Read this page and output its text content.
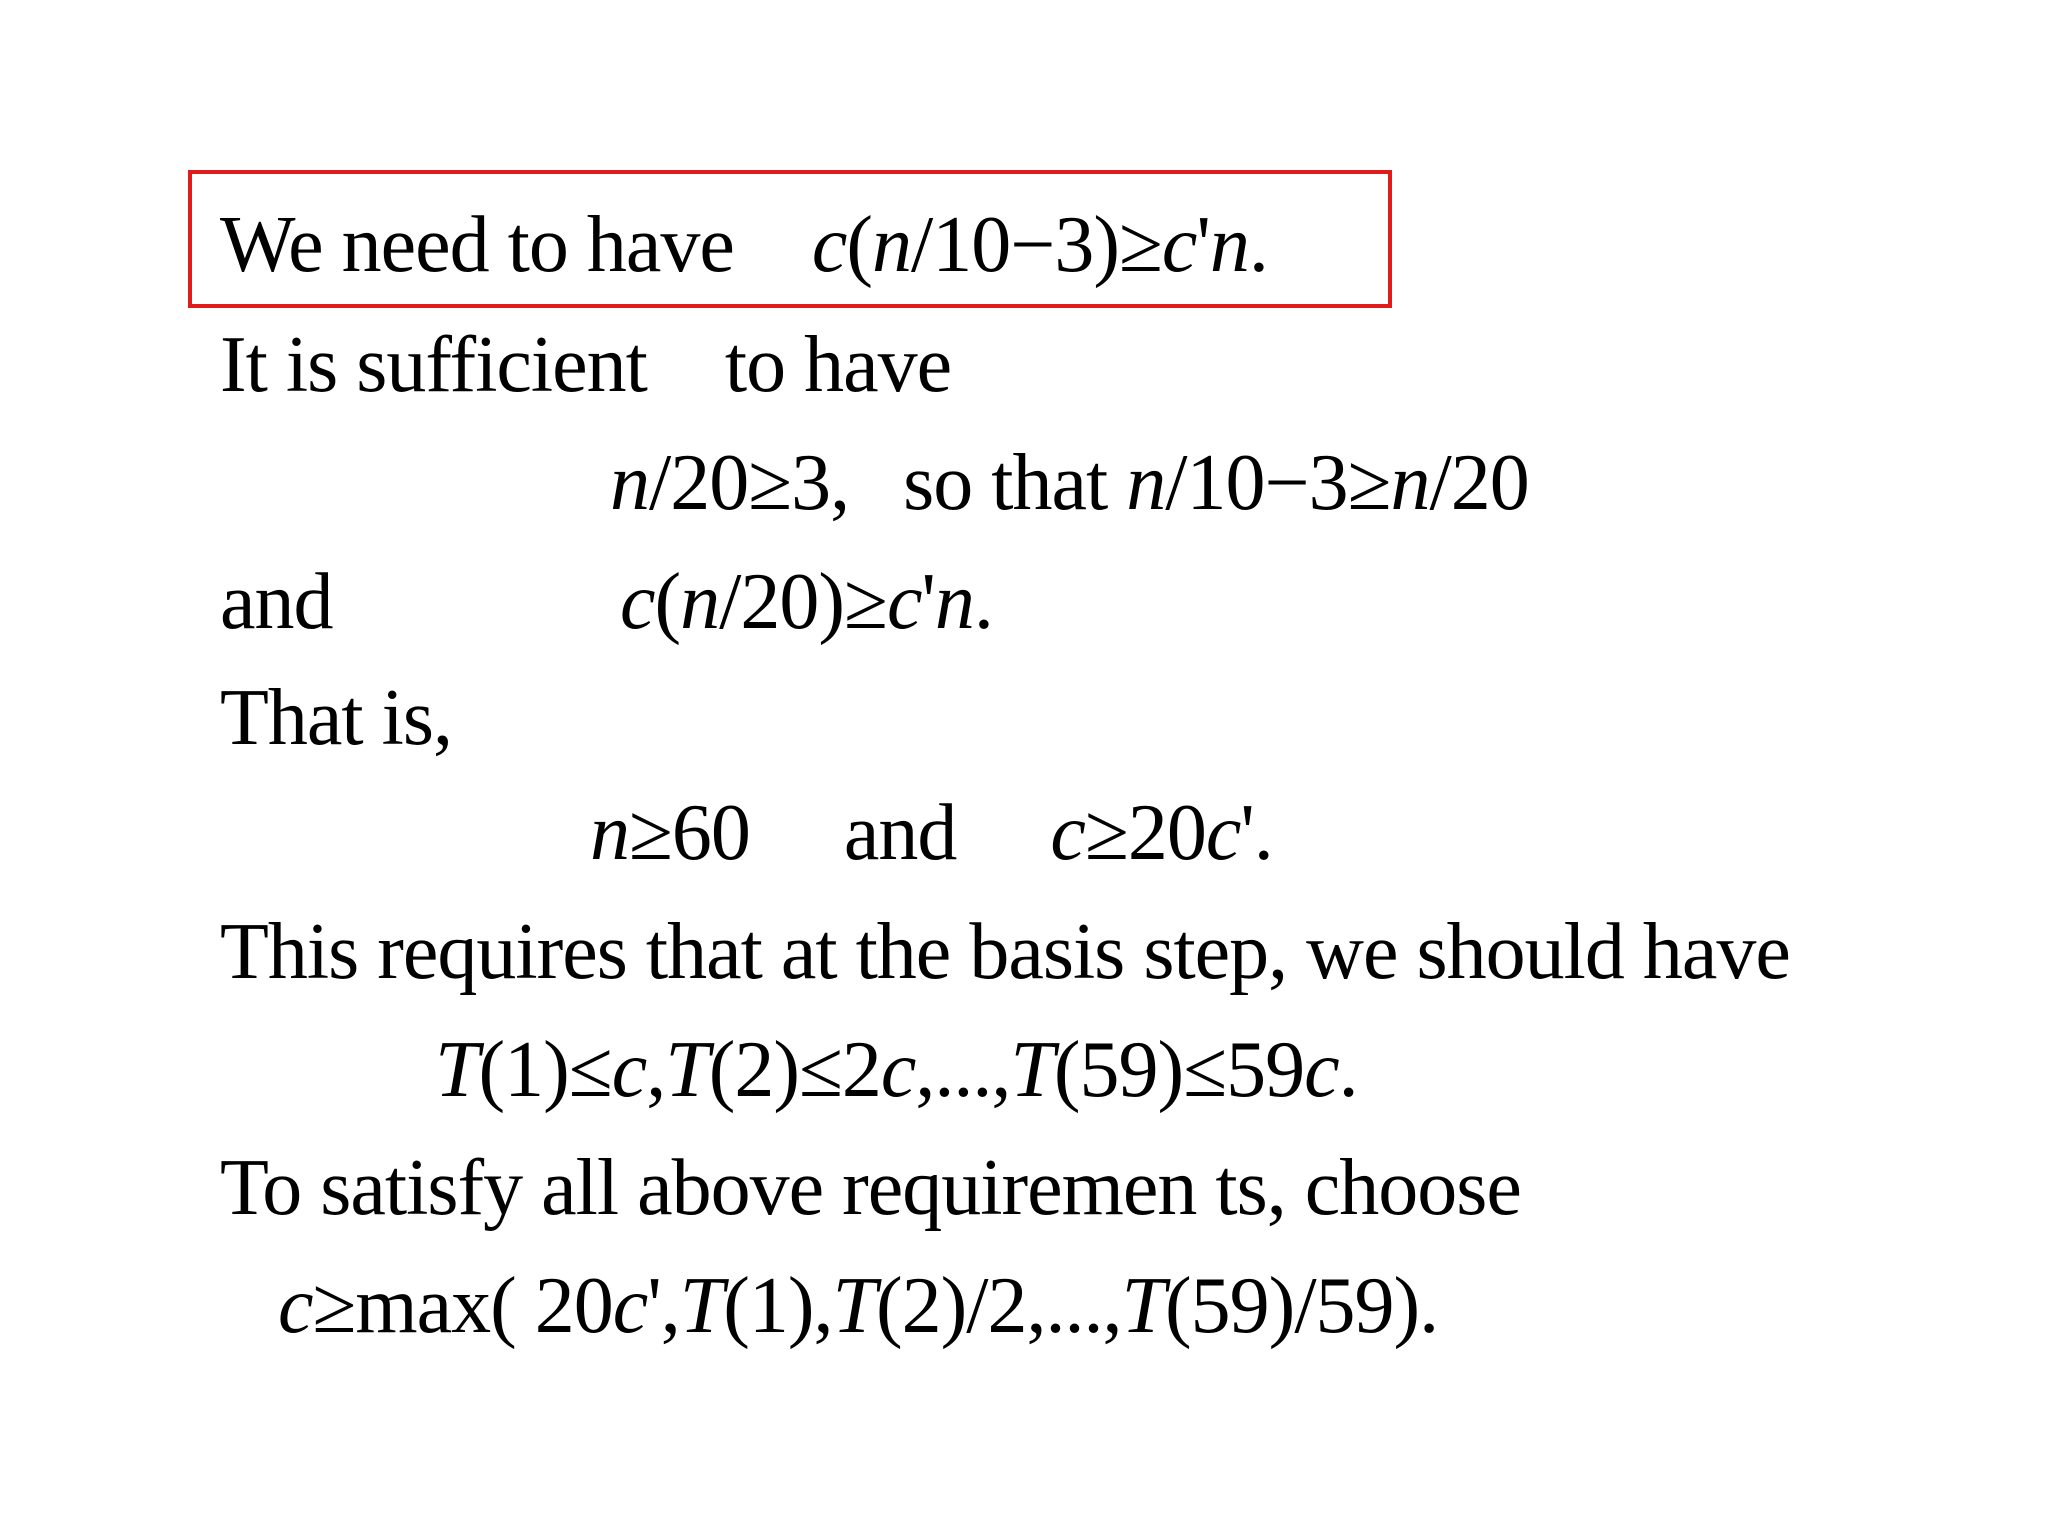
We need to have c(n/10−3)≥c'n.
It is sufficient to have
n/20≥3, so that n/10−3≥n/20
and	c(n/20)≥c'n.
That is,
n≥60 and c≥20c'.
This requires that at the basis step, we should have
T(1)≤c,T(2)≤2c,...,T(59)≤59c.
To satisfy all above requiremen ts, choose
c≥max( 20c',T(1),T(2)/2,...,T(59)/59).
